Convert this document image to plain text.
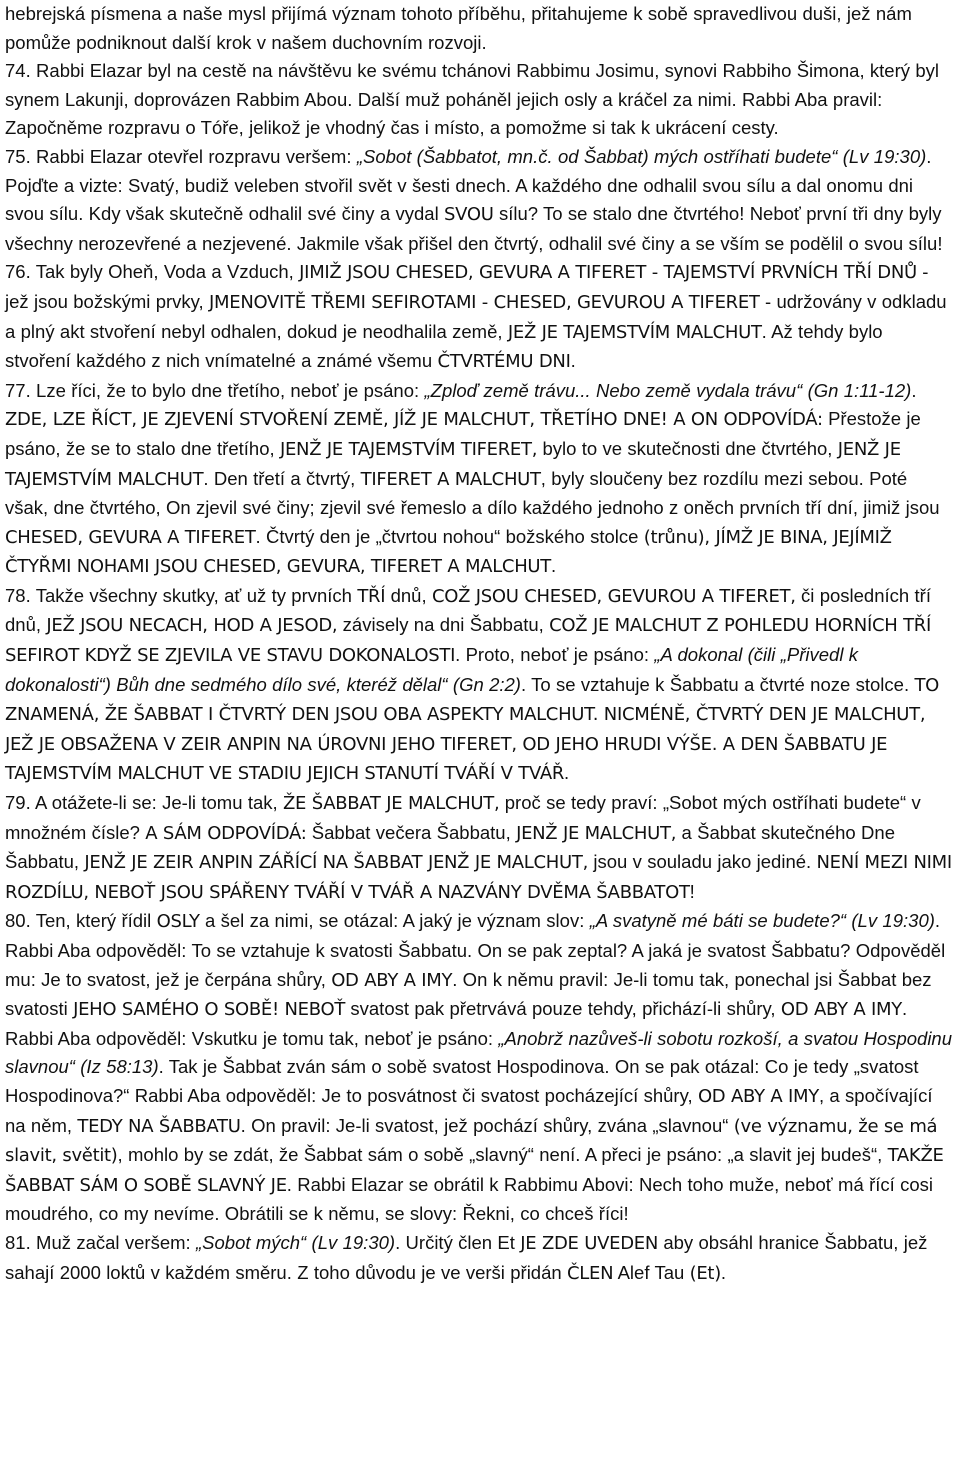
hebrejská písmena a naše mysl přijímá význam tohoto příběhu, přitahujeme k sobě spravedlivou duši, jež nám pomůže podniknout další krok v našem duchovním rozvoji.
74. Rabbi Elazar byl na cestě na návštěvu ke svému tchánovi Rabbimu Josimu, synovi Rabbiho Šimona, který byl synem Lakunji, doprovázen Rabbim Abou. Další muž poháněl jejich osly a kráčel za nimi. Rabbi Aba pravil: Započněme rozpravu o Tóře, jelikož je vhodný čas i místo, a pomožme si tak k ukrácení cesty.
75. Rabbi Elazar otevřel rozpravu veršem: „Sobot (Šabbatot, mn.č. od Šabbat) mých ostříhati budete“ (Lv 19:30). Pojďte a vizte: Svatý, budiž veleben stvořil svět v šesti dnech. A každého dne odhalil svou sílu a dal onomu dni svou sílu. Kdy však skutečně odhalil své činy a vydal SVOU sílu? To se stalo dne čtvrtého! Neboť první tři dny byly všechny nerozevřené a nezjevené. Jakmile však přišel den čtvrtý, odhalil své činy a se vším se podělil o svou sílu!
76. Tak byly Oheň, Voda a Vzduch, JIMIŽ JSOU CHESED, GEVURA A TIFERET - TAJEMSTVÍ PRVNÍCH TŘÍ DNŮ - jež jsou božskými prvky, JMENOVITĚ TŘEMI SEFIROTAMI - CHESED, GEVUROU A TIFERET - udržovány v odkladu a plný akt stvoření nebyl odhalen, dokud je neodhalila země, JEŽ JE TAJEMSTVÍM MALCHUT. Až tehdy bylo stvoření každého z nich vnímatelné a známé všemu ČTVRTÉMU DNI.
77. Lze říci, že to bylo dne třetího, neboť je psáno: „Zploď země trávu... Nebo země vydala trávu“ (Gn 1:11-12). ZDE, LZE ŘÍCT, JE ZJEVENÍ STVOŘENÍ ZEMĚ, JÍŽ JE MALCHUT, TŘETÍHO DNE! A ON ODPOVÍDÁ: Přestože je psáno, že se to stalo dne třetího, JENŽ JE TAJEMSTVÍM TIFERET, bylo to ve skutečnosti dne čtvrtého, JENŽ JE TAJEMSTVÍM MALCHUT. Den třetí a čtvrtý, TIFERET A MALCHUT, byly sloučeny bez rozdílu mezi sebou. Poté však, dne čtvrtého, On zjevil své činy; zjevil své řemeslo a dílo každého jednoho z oněch prvních tří dní, jimiž jsou CHESED, GEVURA A TIFERET. Čtvrtý den je „čtvrtou nohou“ božského stolce (trůnu), JÍMŽ JE BINA, JEJÍMIŽ ČTYŘMI NOHAMI JSOU CHESED, GEVURA, TIFERET A MALCHUT.
78. Takže všechny skutky, ať už ty prvních TŘÍ dnů, COŽ JSOU CHESED, GEVUROU A TIFERET, či posledních tří dnů, JEŽ JSOU NECACH, HOD A JESOD, závisely na dni Šabbatu, COŽ JE MALCHUT Z POHLEDU HORNÍCH TŘÍ SEFIROT KDYŽ SE ZJEVILA VE STAVU DOKONALOSTI. Proto, neboť je psáno: „A dokonal (čili „Přivedl k dokonalosti“) Bůh dne sedmého dílo své, kteréž dělal“ (Gn 2:2). To se vztahuje k Šabbatu a čtvrté noze stolce. TO ZNAMENÁ, ŽE ŠABBAT I ČTVRTÝ DEN JSOU OBA ASPEKTY MALCHUT. NICMÉNĚ, ČTVRTÝ DEN JE MALCHUT, JEŽ JE OBSAŽENA V ZEIR ANPIN NA ÚROVNI JEHO TIFERET, OD JEHO HRUDI VÝŠE. A DEN ŠABBATU JE TAJEMSTVÍM MALCHUT VE STADIU JEJICH STANUTÍ TVÁŘÍ V TVÁŘ.
79. A otážete-li se: Je-li tomu tak, ŽE ŠABBAT JE MALCHUT, proč se tedy praví: „Sobot mých ostříhati budete“ v množném čísle? A SÁM ODPOVÍDÁ: Šabbat večera Šabbatu, JENŽ JE MALCHUT, a Šabbat skutečného Dne Šabbatu, JENŽ JE ZEIR ANPIN ZÁŘÍCÍ NA ŠABBAT JENŽ JE MALCHUT, jsou v souladu jako jediné. NENÍ MEZI NIMI ROZDÍLU, NEBOŤ JSOU SPÁŘENY TVÁŘÍ V TVÁŘ A NAZVÁNY DVĚMA ŠABBATOT!
80. Ten, který řídil OSLY a šel za nimi, se otázal: A jaký je význam slov: „A svatyně mé báti se budete?“ (Lv 19:30). Rabbi Aba odpověděl: To se vztahuje k svatosti Šabbatu. On se pak zeptal? A jaká je svatost Šabbatu? Odpověděl mu: Je to svatost, jež je čerpána shůry, OD ABY A IMY. On k němu pravil: Je-li tomu tak, ponechal jsi Šabbat bez svatosti JEHO SAMÉHO O SOBĚ! NEBOŤ svatost pak přetrvává pouze tehdy, přichází-li shůry, OD ABY A IMY. Rabbi Aba odpověděl: Vskutku je tomu tak, neboť je psáno: „Anobrž nazůveš-li sobotu rozkoší, a svatou Hospodinu slavnou“ (Iz 58:13). Tak je Šabbat zván sám o sobě svatost Hospodinova. On se pak otázal: Co je tedy „svatost Hospodinova?“ Rabbi Aba odpověděl: Je to posvátnost či svatost pocházející shůry, OD ABY A IMY, a spočívající na něm, TEDY NA ŠABBATU. On pravil: Je-li svatost, jež pochází shůry, zvána „slavnou“ (ve významu, že se má slavit, světit), mohlo by se zdát, že Šabbat sám o sobě „slavný“ není. A přeci je psáno: „a slavit jej budeš“, TAKŽE ŠABBAT SÁM O SOBĚ SLAVNÝ JE. Rabbi Elazar se obrátil k Rabbimu Abovi: Nech toho muže, neboť má řící cosi moudrého, co my nevíme. Obrátili se k němu, se slovy: Řekni, co chceš říci!
81. Muž začal veršem: „Sobot mých“ (Lv 19:30). Určitý člen Et JE ZDE UVEDEN aby obsáhl hranice Šabbatu, jež sahají 2000 loktů v každém směru. Z toho důvodu je ve verši přidán ČLEN Alef Tau (Et).
